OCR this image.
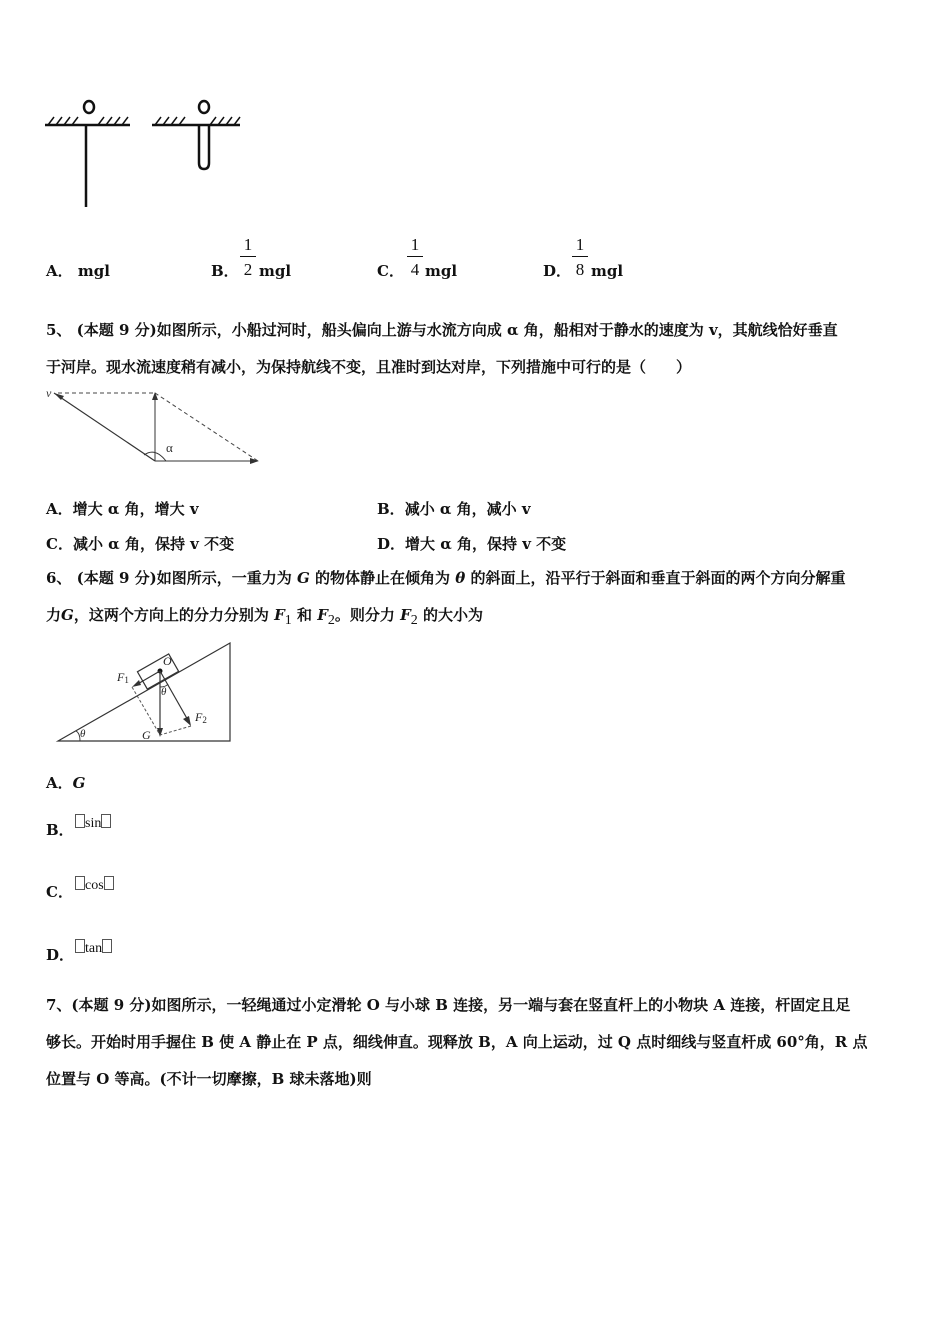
A． mgl	B．
1
2 mgl	C．
1
4 mgl	D．
1
8 mgl
5、 (本题 9 分)如图所示，小船过河时，船头偏向上游与水流方向成 α 角，船相对于静水的速度为 v，其航线恰好垂直
于河岸。现水流速度稍有减小，为保持航线不变，且准时到达对岸，下列措施中可行的是（　　）
v
α
A．增大 α 角，增大 v	B．减小 α 角，减小 v
C．减小 α 角，保持 v 不变	D．增大 α 角，保持 v 不变
6、 (本题 9 分)如图所示，一重力为 G 的物体静止在倾角为 θ 的斜面上，沿平行于斜面和垂直于斜面的两个方向分解重
力G，这两个方向上的分力分别为 $F_1$ 和 $F_2$。则分力 $F_2$ 的大小为
O
F1
F2
G
θ
θ
A．G
B． sin
C． cos
D． tan
7、(本题 9 分)如图所示，一轻绳通过小定滑轮 O 与小球 B 连接，另一端与套在竖直杆上的小物块 A 连接，杆固定且足
够长。开始时用手握住 B 使 A 静止在 P 点，细线伸直。现释放 B，A 向上运动，过 Q 点时细线与竖直杆成 60°角，R 点
位置与 O 等高。(不计一切摩擦，B 球未落地)则
